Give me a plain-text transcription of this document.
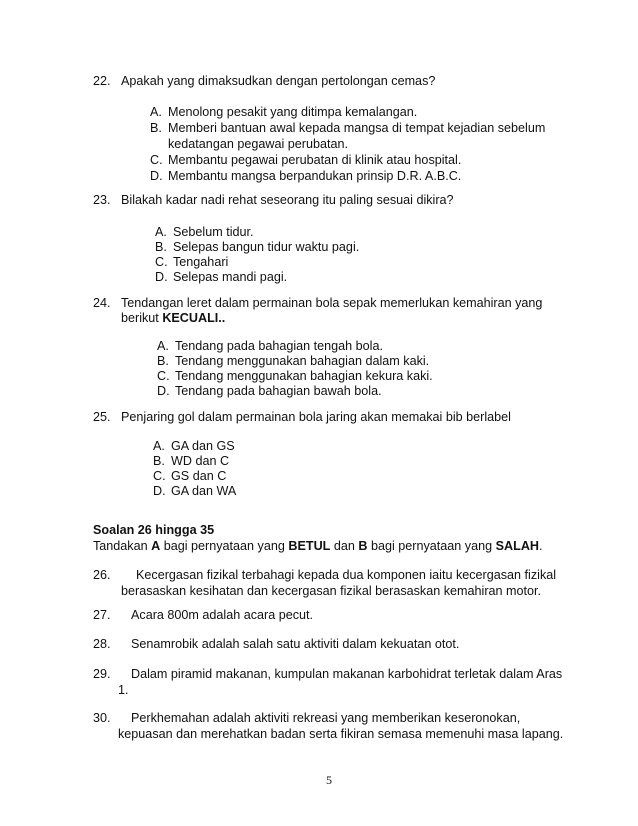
22. Apakah yang dimaksudkan dengan pertolongan cemas?
A. Menolong pesakit yang ditimpa kemalangan.
B. Memberi bantuan awal kepada mangsa di tempat kejadian sebelum
kedatangan pegawai perubatan.
C. Membantu pegawai perubatan di klinik atau hospital.
D. Membantu mangsa berpandukan prinsip D.R. A.B.C.
23. Bilakah kadar nadi rehat seseorang itu paling sesuai dikira?
A. Sebelum tidur.
B. Selepas bangun tidur waktu pagi.
C. Tengahari
D. Selepas mandi pagi.
24. Tendangan leret dalam permainan bola sepak memerlukan kemahiran yang
berikut KECUALI..
A. Tendang pada bahagian tengah bola.
B. Tendang menggunakan bahagian dalam kaki.
C. Tendang menggunakan bahagian kekura kaki.
D. Tendang pada bahagian bawah bola.
25. Penjaring gol dalam permainan bola jaring akan memakai bib berlabel
A. GA dan GS
B. WD dan C
C. GS dan C
D. GA dan WA
Soalan 26 hingga 35
Tandakan A bagi pernyataan yang BETUL dan B bagi pernyataan yang SALAH.
26. Kecergasan fizikal terbahagi kepada dua komponen iaitu kecergasan fizikal
berasaskan kesihatan dan kecergasan fizikal berasaskan kemahiran motor.
27. Acara 800m adalah acara pecut.
28. Senamrobik adalah salah satu aktiviti dalam kekuatan otot.
29. Dalam piramid makanan, kumpulan makanan karbohidrat terletak dalam Aras
1.
30. Perkhemahan adalah aktiviti rekreasi yang memberikan keseronokan,
kepuasan dan merehatkan badan serta fikiran semasa memenuhi masa lapang.
5
